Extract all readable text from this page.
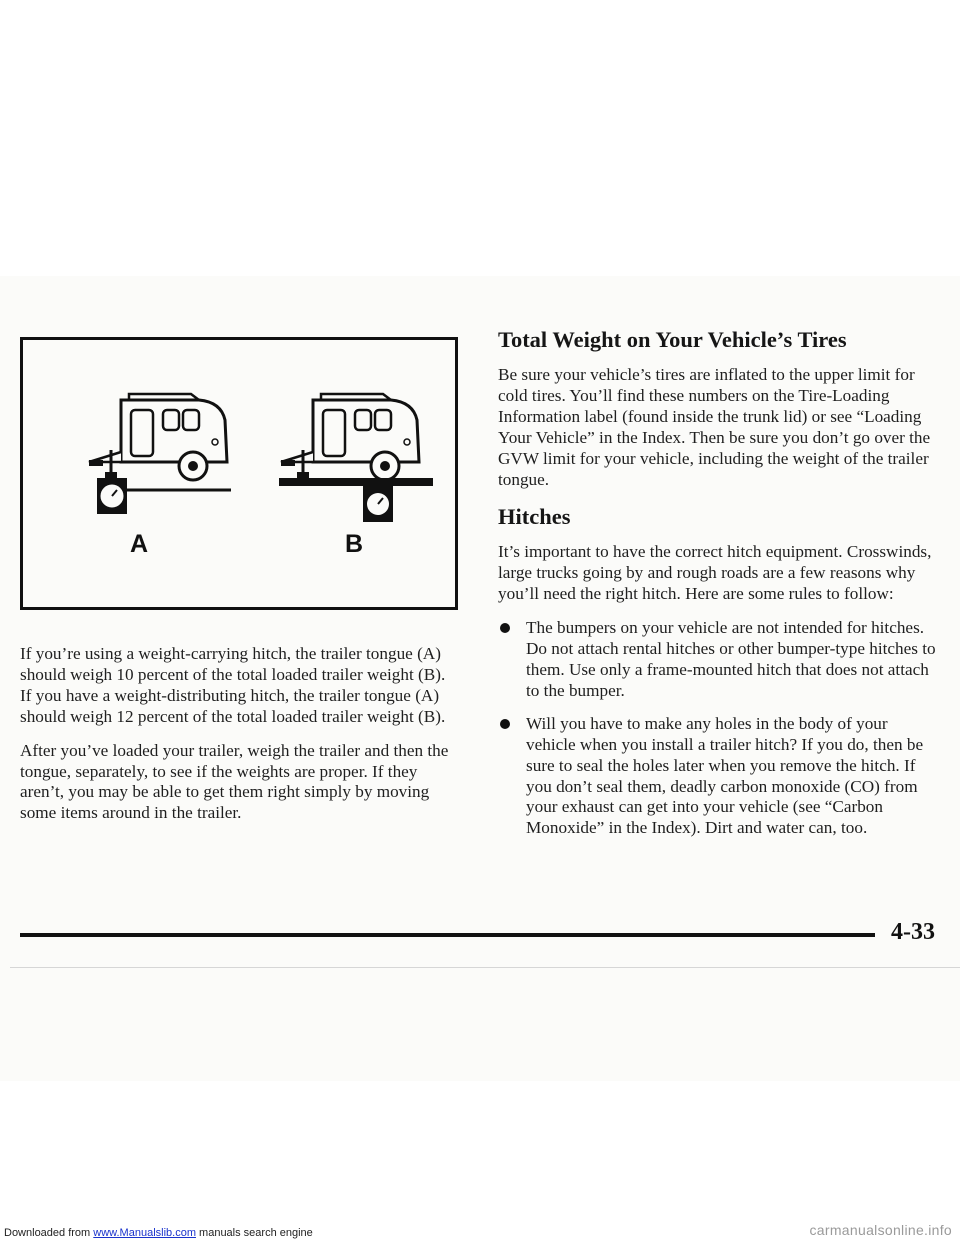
A	B

If you’re using a weight-carrying hitch, the trailer tongue (A) should weigh 10 percent of the total loaded trailer weight (B). If you have a weight-distributing hitch, the trailer tongue (A) should weigh 12 percent of the total loaded trailer weight (B).

After you’ve loaded your trailer, weigh the trailer and then the tongue, separately, to see if the weights are proper. If they aren’t, you may be able to get them right simply by moving some items around in the trailer.

Total Weight on Your Vehicle’s Tires

Be sure your vehicle’s tires are inflated to the upper limit for cold tires. You’ll find these numbers on the Tire-Loading Information label (found inside the trunk lid) or see “Loading Your Vehicle” in the Index. Then be sure you don’t go over the GVW limit for your vehicle, including the weight of the trailer tongue.

Hitches

It’s important to have the correct hitch equipment. Crosswinds, large trucks going by and rough roads are a few reasons why you’ll need the right hitch. Here are some rules to follow:

The bumpers on your vehicle are not intended for hitches. Do not attach rental hitches or other bumper-type hitches to them. Use only a frame-mounted hitch that does not attach to the bumper.
Will you have to make any holes in the body of your vehicle when you install a trailer hitch? If you do, then be sure to seal the holes later when you remove the hitch. If you don’t seal them, deadly carbon monoxide (CO) from your exhaust can get into your vehicle (see “Carbon Monoxide” in the Index). Dirt and water can, too.
4-33
Downloaded from www.Manualslib.com manuals search engine	carmanualsonline.info
